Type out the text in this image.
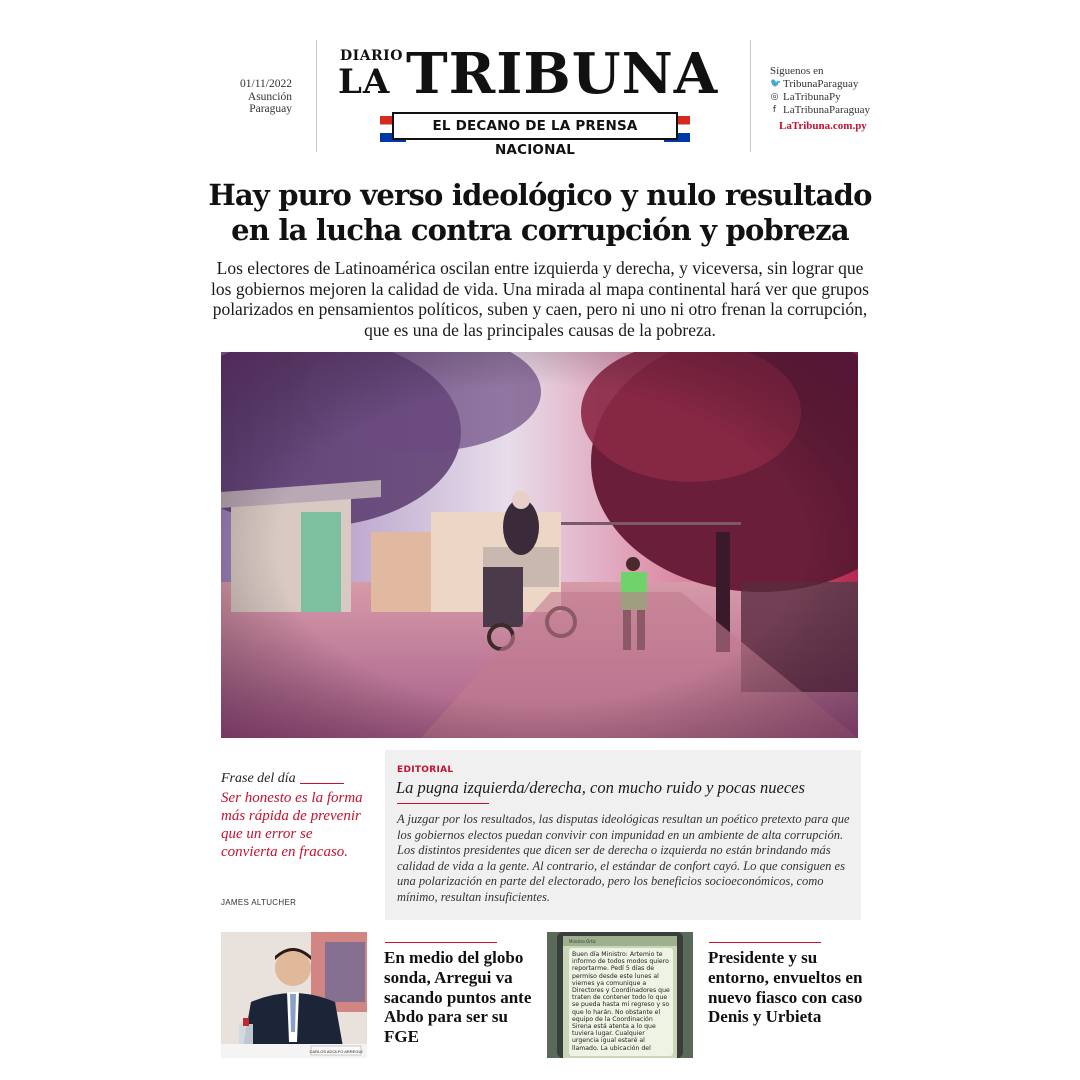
01/11/2022
Asunción
Paraguay
DIARIO
LA TRIBUNA
EL DECANO DE LA PRENSA NACIONAL
Síguenos en
🐦 TribunaParaguay
◎ LaTribunaPy
f LaTribunaParaguay
LaTribuna.com.py
Hay puro verso ideológico y nulo resultado en la lucha contra corrupción y pobreza

Los electores de Latinoamérica oscilan entre izquierda y derecha, y viceversa, sin lograr que los gobiernos mejoren la calidad de vida. Una mirada al mapa continental hará ver que grupos polarizados en pensamientos políticos, suben y caen, pero ni uno ni otro frenan la corrupción, que es una de las principales causas de la pobreza.

Frase del día
Ser honesto es la forma más rápida de prevenir que un error se convierta en fracaso.
JAMES ALTUCHER
EDITORIAL
La pugna izquierda/derecha, con mucho ruido y pocas nueces
A juzgar por los resultados, las disputas ideológicas resultan un poético pretexto para que los gobiernos electos puedan convivir con impunidad en un ambiente de alta corrupción. Los distintos presidentes que dicen ser de derecha o izquierda no están brindando más calidad de vida a la gente. Al contrario, el estándar de confort cayó. Lo que consiguen es una polarización en parte del electorado, pero los beneficios socioeconómicos, como mínimo, resultan insuficientes.
CARLOS ADOLFO ARREGUI
En medio del globo sonda, Arregui va sacando puntos ante Abdo para ser su FGE
Ministro Ortiz
Buen día Ministro: Artemio te informo de todos modos quiero reportarme. Pedí 5 días de permiso desde este lunes al viernes ya comunique a Directores y Coordinadores que traten de contener todo lo que se pueda hasta mi regreso y so que lo harán. No obstante el equipo de la Coordinación Sirena está atenta a lo que tuviera lugar. Cualquier urgencia igual estaré al llamado. La ubicación del
Presidente y su entorno, envueltos en nuevo fiasco con caso Denis y Urbieta
